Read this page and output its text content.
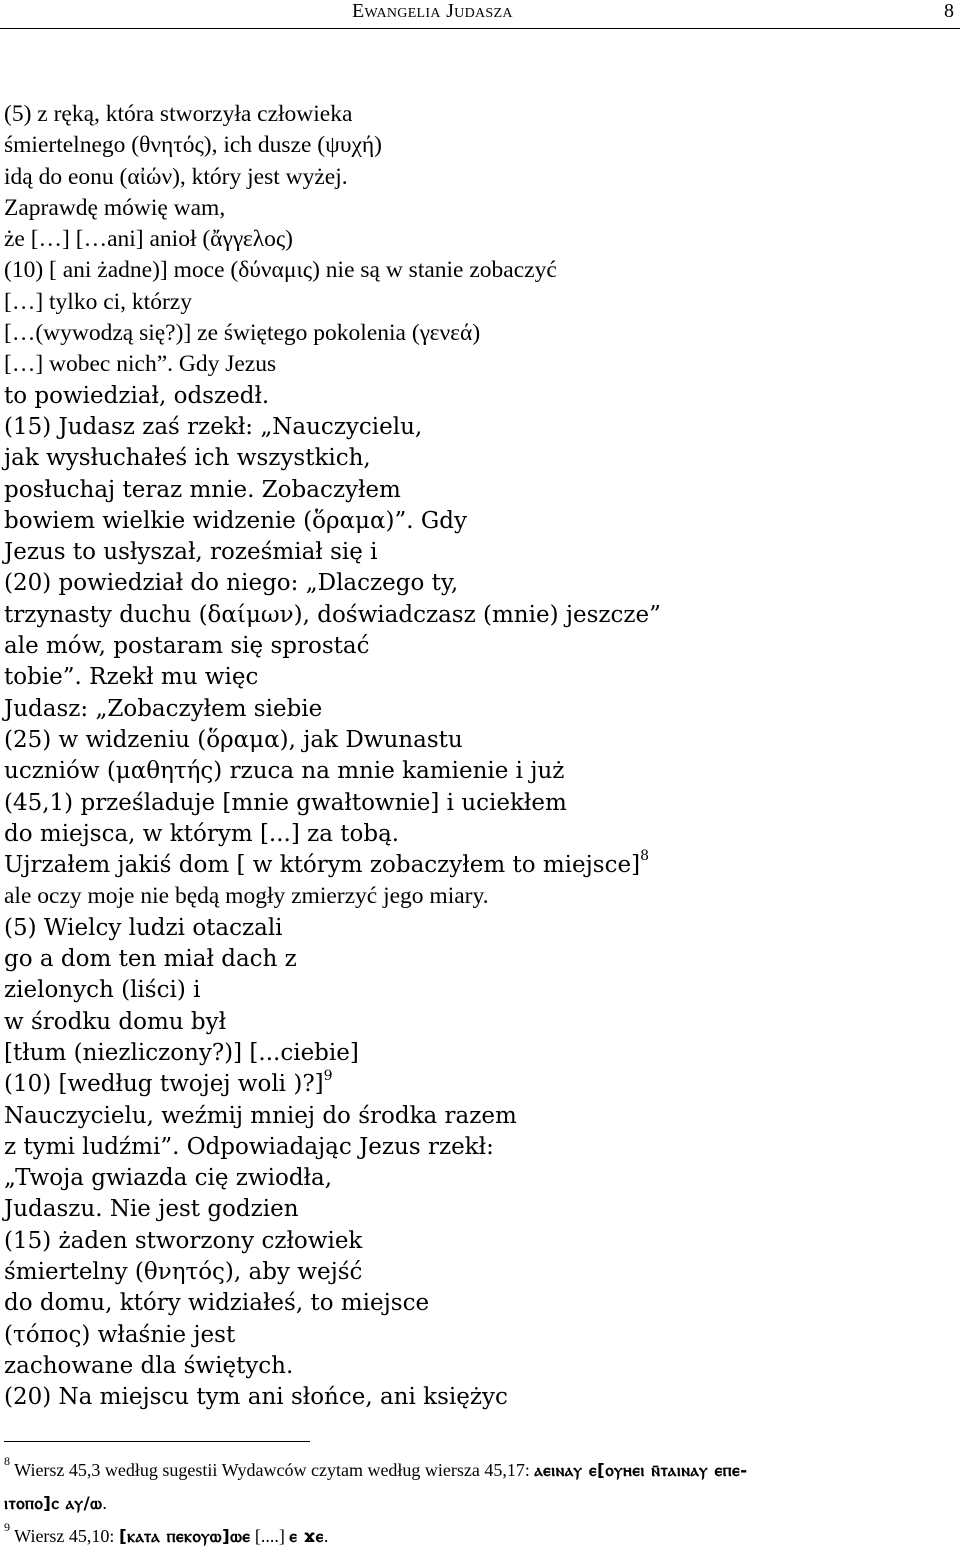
Ewangelia Judasza	8
(5) z ręką, która stworzyła człowieka
śmiertelnego (θνητός), ich dusze (ψυχή)
idą do eonu (αἰών), który jest wyżej.
Zaprawdę mówię wam,
że […] […ani] anioł (ἄγγελος)
(10) [ ani żadne)] moce (δύναμις) nie są w stanie zobaczyć
[…] tylko ci, którzy
[…(wywodzą się?)] ze świętego pokolenia (γενεά)
[…] wobec nich”. Gdy Jezus
to powiedział, odszedł.
(15) Judasz zaś rzekł: „Nauczycielu,
jak wysłuchałeś ich wszystkich,
posłuchaj teraz mnie. Zobaczyłem
bowiem wielkie widzenie (ὅραμα)”. Gdy
Jezus to usłyszał, roześmiał się i
(20) powiedział do niego: „Dlaczego ty,
trzynasty duchu (δαίμων), doświadczasz (mnie) jeszcze”
ale mów, postaram się sprostać
tobie”. Rzekł mu więc
Judasz: „Zobaczyłem siebie
(25) w widzeniu (ὅραμα), jak Dwunastu
uczniów (μαθητής) rzuca na mnie kamienie i już
(45,1) prześladuje [mnie gwałtownie] i uciekłem
do miejsca, w którym [...] za tobą.
Ujrzałem jakiś dom [ w którym zobaczyłem to miejsce]$^8$
ale oczy moje nie będą mogły zmierzyć jego miary.
(5) Wielcy ludzi otaczali
go a dom ten miał dach z
zielonych (liści) i
w środku domu był
[tłum (niezliczony?)] [...ciebie]
(10) [według twojej woli )?]$^9$
Nauczycielu, weźmij mniej do środka razem
z tymi ludźmi”. Odpowiadając Jezus rzekł:
„Twoja gwiazda cię zwiodła,
Judaszu. Nie jest godzien
(15) żaden stworzony człowiek
śmiertelny (θνητός), aby wejść
do domu, który widziałeś, to miejsce
(τόπος) właśnie jest
zachowane dla świętych.
(20) Na miejscu tym ani słońce, ani księżyc
$^8$ Wiersz 45,3 według sugestii Wydawców czytam według wiersza 45,17: ⲁⲉⲓⲛⲁⲩ ⲉ[ⲟⲩⲏⲉⲓ ⲛ̄ⲧⲁⲓⲛⲁⲩ ⲉⲡⲉ-
ⲓⲧⲟⲡⲟ]ⲥ ⲁⲩ/ⲱ.
$^9$ Wiersz 45,10: [ⲕⲁⲧⲁ ⲡⲉⲕⲟⲩⲱ]ⲱⲉ [....] ⲉ ϫⲉ.
